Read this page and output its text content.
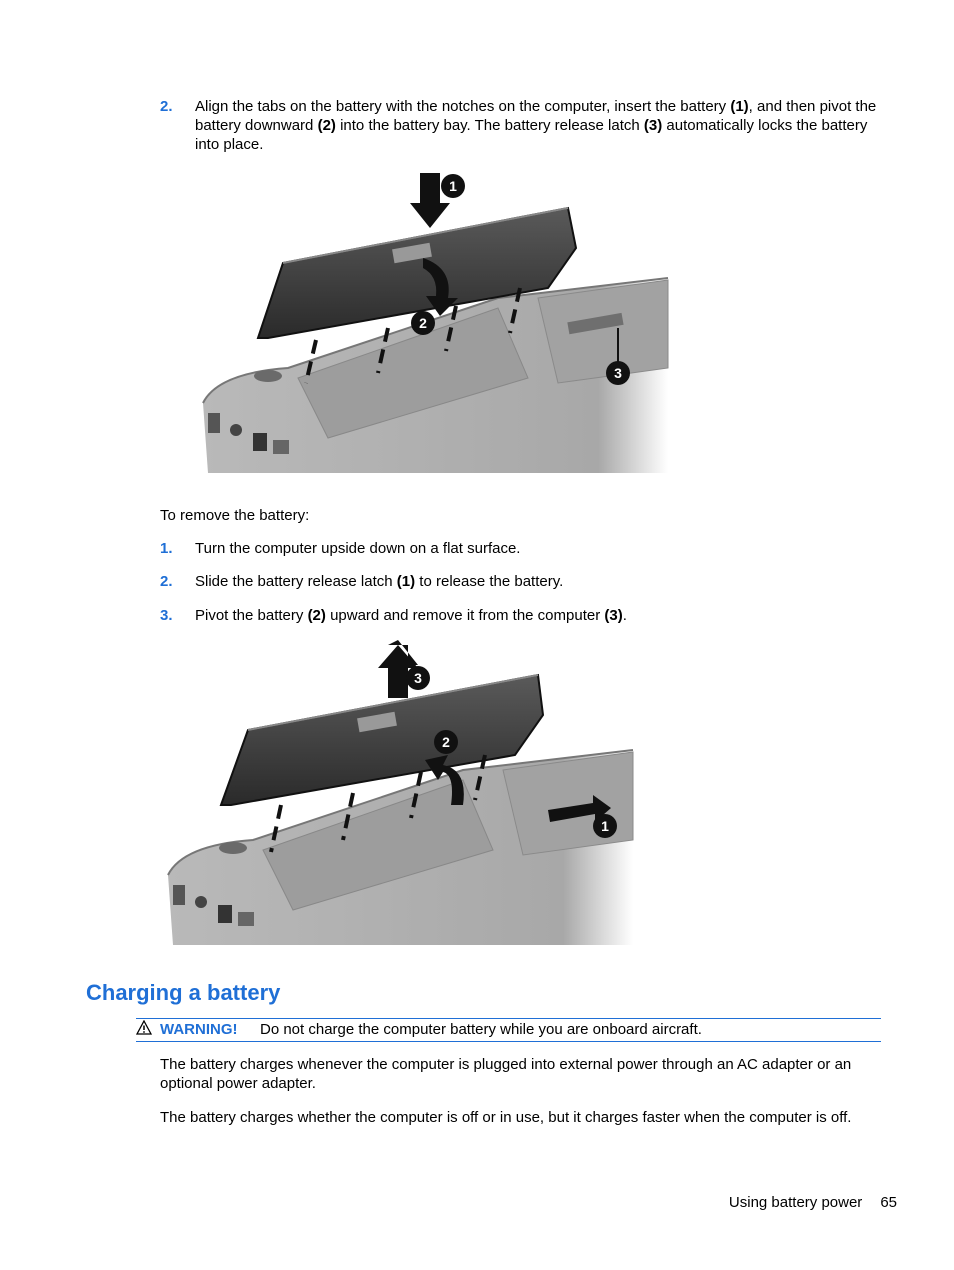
2. Align the tabs on the battery with the notches on the computer, insert the battery (1), and then pivot the battery downward (2) into the battery bay. The battery release latch (3) automatically locks the battery into place.
1
2
3
To remove the battery:
1. Turn the computer upside down on a flat surface.
2. Slide the battery release latch (1) to release the battery.
3. Pivot the battery (2) upward and remove it from the computer (3).
3
2
1
Charging a battery
WARNING! Do not charge the computer battery while you are onboard aircraft.
The battery charges whenever the computer is plugged into external power through an AC adapter or an optional power adapter.
The battery charges whether the computer is off or in use, but it charges faster when the computer is off.
Using battery power 65
